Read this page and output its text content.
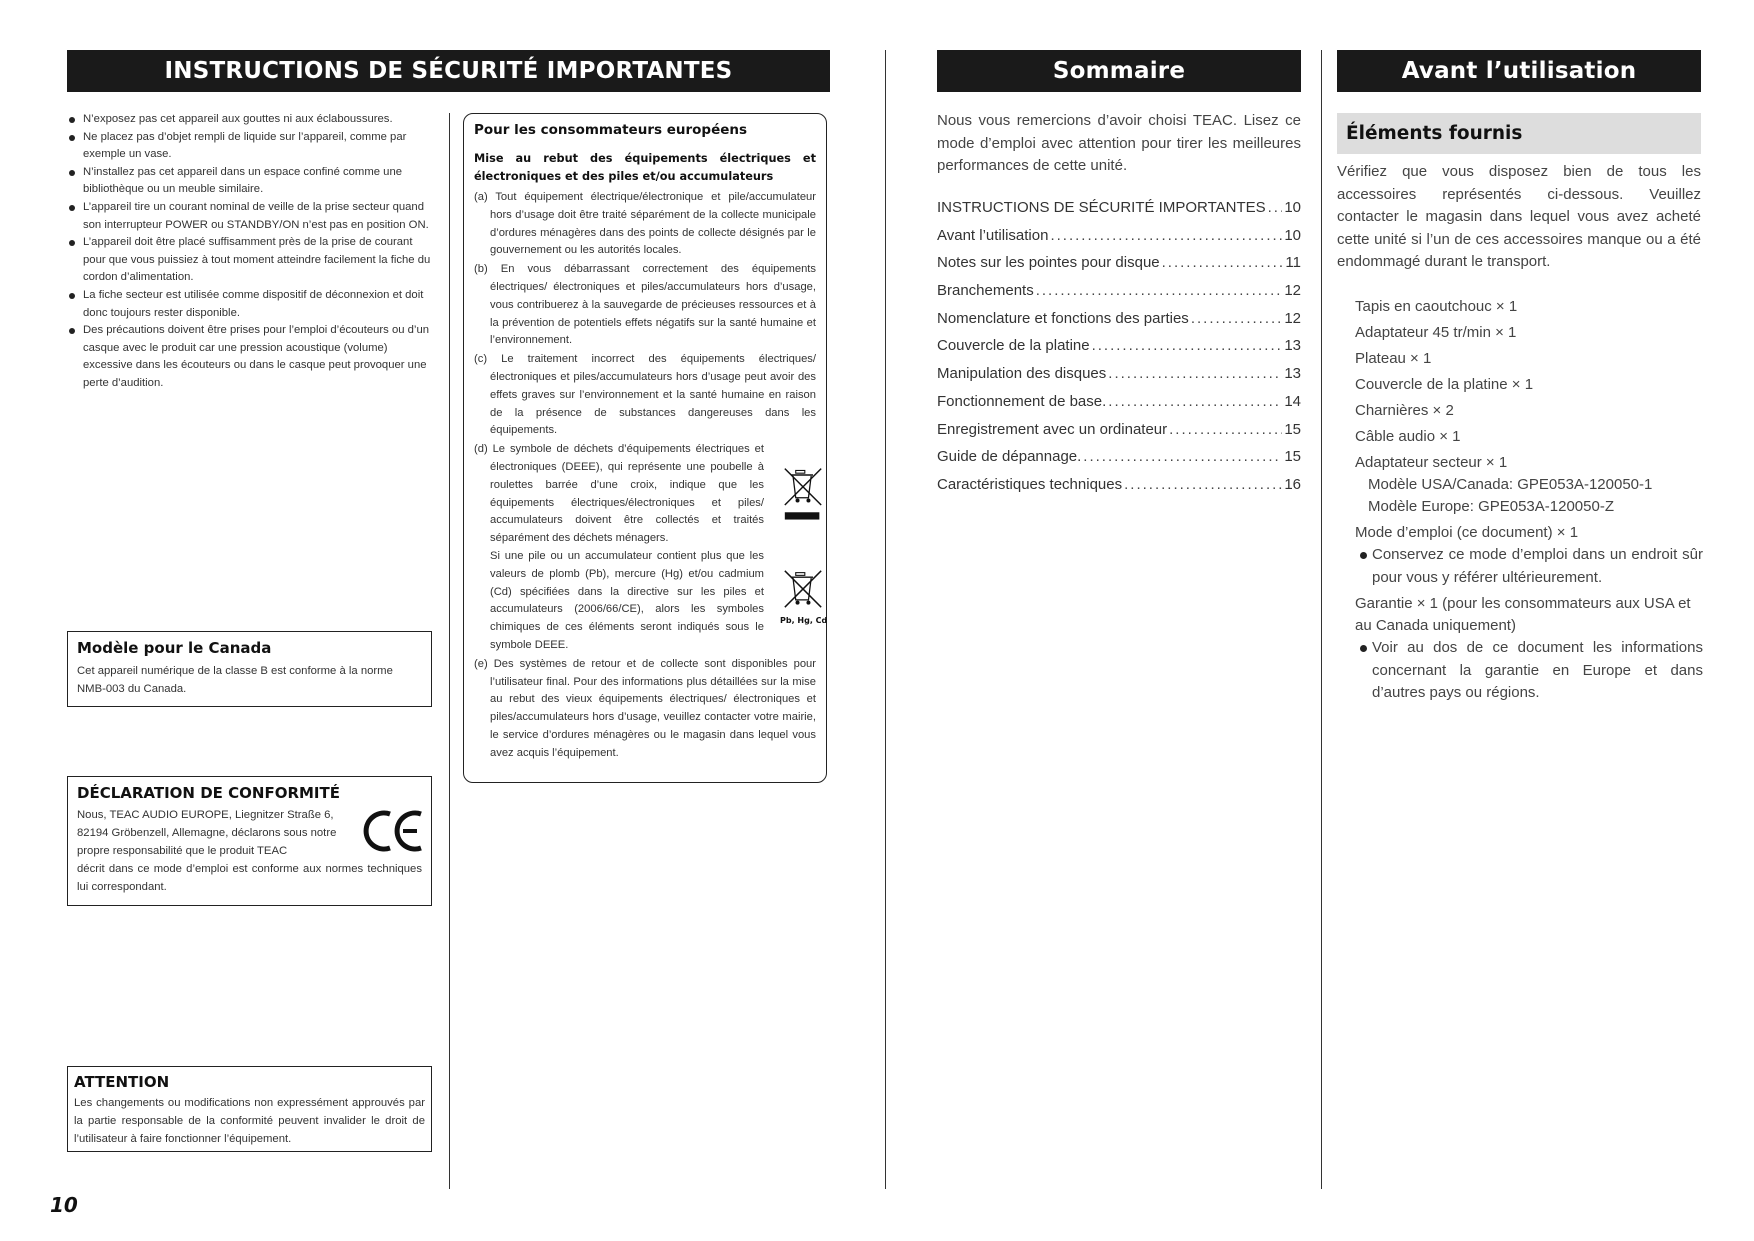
INSTRUCTIONS DE SÉCURITÉ IMPORTANTES	Sommaire	Avant l’utilisation
N’exposez pas cet appareil aux gouttes ni aux éclaboussures.
Ne placez pas d’objet rempli de liquide sur l’appareil, comme par exemple un vase.
N’installez pas cet appareil dans un espace confiné comme une bibliothèque ou un meuble similaire.
L’appareil tire un courant nominal de veille de la prise secteur quand son interrupteur POWER ou STANDBY/ON n’est pas en position ON.
L’appareil doit être placé suffisamment près de la prise de courant pour que vous puissiez à tout moment atteindre facilement la fiche du cordon d’alimentation.
La fiche secteur est utilisée comme dispositif de déconnexion et doit donc toujours rester disponible.
Des précautions doivent être prises pour l’emploi d’écouteurs ou d’un casque avec le produit car une pression acoustique (volume) excessive dans les écouteurs ou dans le casque peut provoquer une perte d’audition.
Modèle pour le Canada
Cet appareil numérique de la classe B est conforme à la norme NMB-003 du Canada.
DÉCLARATION DE CONFORMITÉ
Nous, TEAC AUDIO EUROPE, Liegnitzer Straße 6, 82194 Gröbenzell, Allemagne, déclarons sous notre propre responsabilité que le produit TEAC
décrit dans ce mode d’emploi est conforme aux normes techniques lui correspondant.
ATTENTION
Les changements ou modifications non expressément approuvés par la partie responsable de la conformité peuvent invalider le droit de l’utilisateur à faire fonctionner l’équipement.
Pour les consommateurs européens
Mise au rebut des équipements électriques et électroniques et des piles et/ou accumulateurs
(a) Tout équipement électrique/électronique et pile/accumulateur hors d’usage doit être traité séparément de la collecte municipale d’ordures ménagères dans des points de collecte désignés par le gouvernement ou les autorités locales.
(b) En vous débarrassant correctement des équipements électriques/ électroniques et piles/accumulateurs hors d’usage, vous contribuerez à la sauvegarde de précieuses ressources et à la prévention de potentiels effets négatifs sur la santé humaine et l’environnement.
(c) Le traitement incorrect des équipements électriques/électroniques et piles/accumulateurs hors d’usage peut avoir des effets graves sur l’environnement et la santé humaine en raison de la présence de substances dangereuses dans les équipements.
(d) Le symbole de déchets d’équipements électriques et électroniques (DEEE), qui représente une poubelle à roulettes barrée d’une croix, indique que les équipements électriques/électroniques et piles/ accumulateurs doivent être collectés et traités séparément des déchets ménagers.
Si une pile ou un accumulateur contient plus que les valeurs de plomb (Pb), mercure (Hg) et/ou cadmium (Cd) spécifiées dans la directive sur les piles et accumulateurs (2006/66/CE), alors les symboles chimiques de ces éléments seront indiqués sous le symbole DEEE.
(e) Des systèmes de retour et de collecte sont disponibles pour l’utilisateur final. Pour des informations plus détaillées sur la mise au rebut des vieux équipements électriques/ électroniques et piles/accumulateurs hors d’usage, veuillez contacter votre mairie, le service d’ordures ménagères ou le magasin dans lequel vous avez acquis l’équipement.
Pb, Hg, Cd
Nous vous remercions d’avoir choisi TEAC. Lisez ce mode d’emploi avec attention pour tirer les meilleures performances de cette unité.
INSTRUCTIONS DE SÉCURITÉ IMPORTANTES ..... 10
Avant l’utilisation .....	10
Notes sur les pointes pour disque .....	11
Branchements .....	12
Nomenclature et fonctions des parties .....	12
Couvercle de la platine .....	13
Manipulation des disques .....	13
Fonctionnement de base. .....	14
Enregistrement avec un ordinateur .....	15
Guide de dépannage. .....	15
Caractéristiques techniques .....	16
Éléments fournis
Vérifiez que vous disposez bien de tous les accessoires représentés ci-dessous. Veuillez contacter le magasin dans lequel vous avez acheté cette unité si l’un de ces accessoires manque ou a été endommagé durant le transport.
Tapis en caoutchouc × 1
Adaptateur 45 tr/min × 1
Plateau × 1
Couvercle de la platine × 1
Charnières × 2
Câble audio × 1
Adaptateur secteur × 1
Modèle USA/Canada: GPE053A-120050-1
Modèle Europe: GPE053A-120050-Z
Mode d’emploi (ce document) × 1
Conservez ce mode d’emploi dans un endroit sûr pour vous y référer ultérieurement.
Garantie × 1 (pour les consommateurs aux USA et au Canada uniquement)
Voir au dos de ce document les informations concernant la garantie en Europe et dans d’autres pays ou régions.
10
